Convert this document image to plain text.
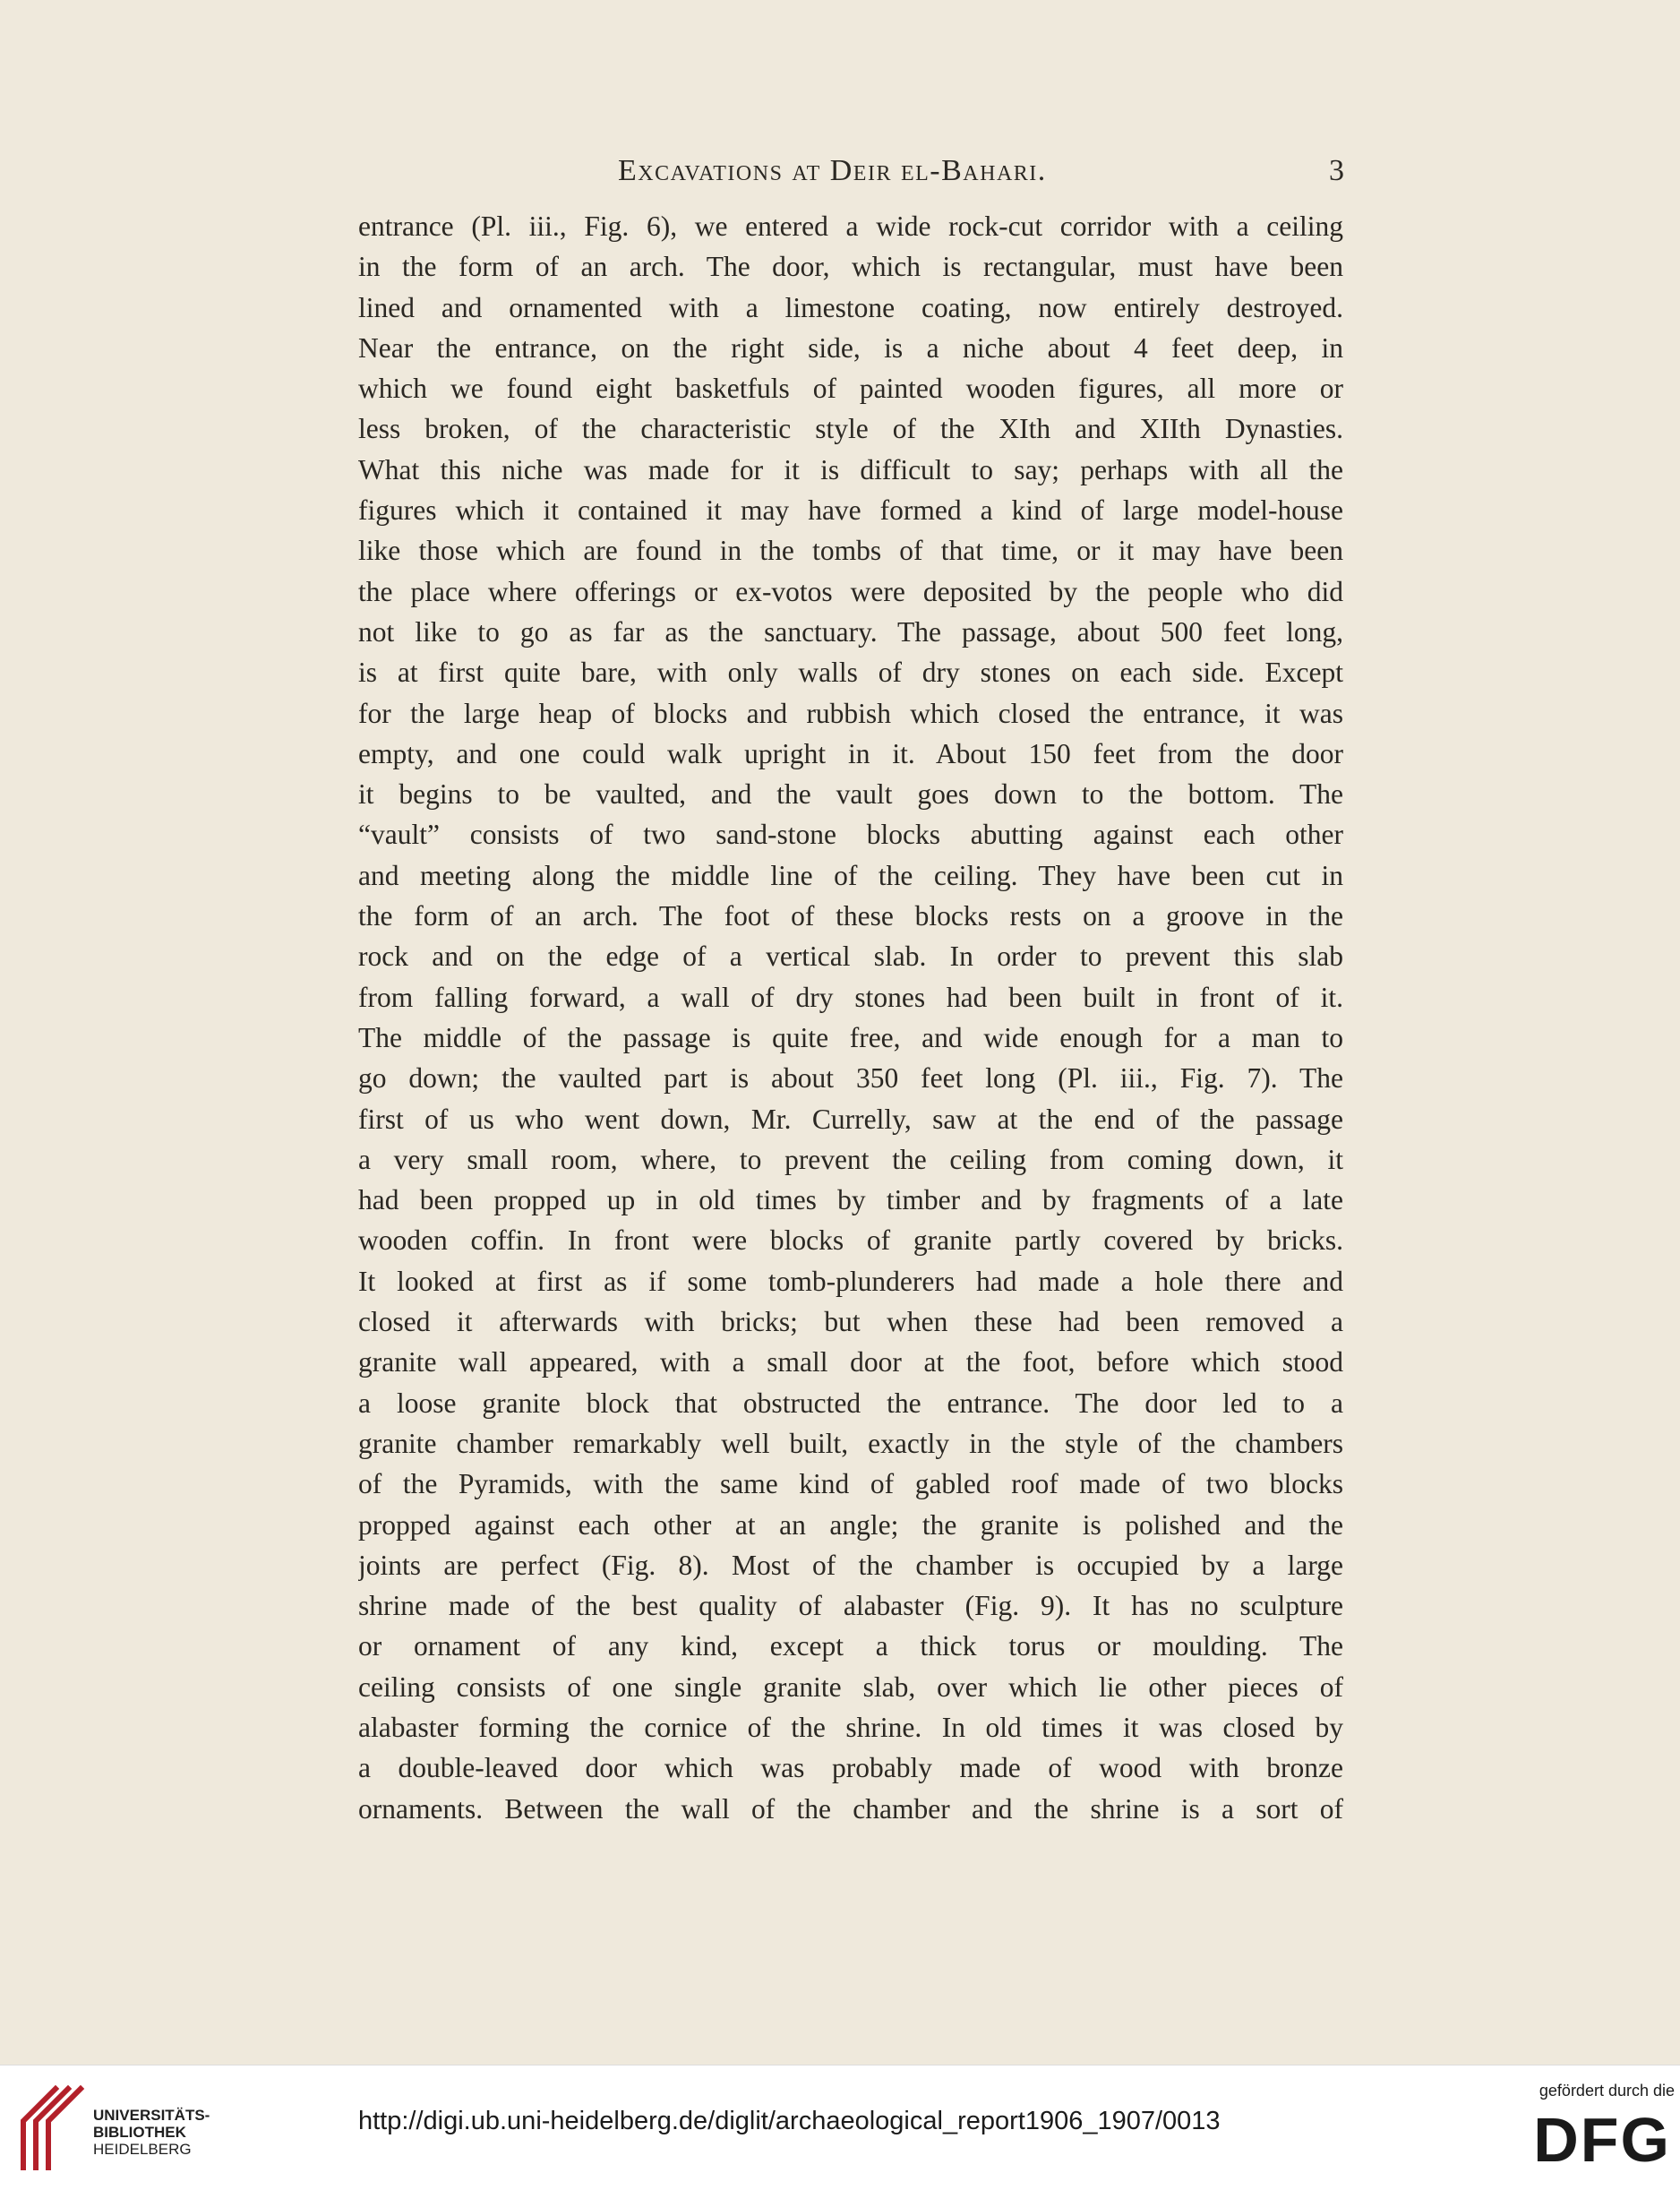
Excavations at Deir el-Bahari.	3
entrance (Pl. iii., Fig. 6), we entered a wide rock-cut corridor with a ceiling
in the form of an arch. The door, which is rectangular, must have been
lined and ornamented with a limestone coating, now entirely destroyed.
Near the entrance, on the right side, is a niche about 4 feet deep, in
which we found eight basketfuls of painted wooden figures, all more or
less broken, of the characteristic style of the XIth and XIIth Dynasties.
What this niche was made for it is difficult to say; perhaps with all the
figures which it contained it may have formed a kind of large model-house
like those which are found in the tombs of that time, or it may have been
the place where offerings or ex-votos were deposited by the people who did
not like to go as far as the sanctuary. The passage, about 500 feet long,
is at first quite bare, with only walls of dry stones on each side. Except
for the large heap of blocks and rubbish which closed the entrance, it was
empty, and one could walk upright in it. About 150 feet from the door
it begins to be vaulted, and the vault goes down to the bottom. The
“vault” consists of two sand-stone blocks abutting against each other
and meeting along the middle line of the ceiling. They have been cut in
the form of an arch. The foot of these blocks rests on a groove in the
rock and on the edge of a vertical slab. In order to prevent this slab
from falling forward, a wall of dry stones had been built in front of it.
The middle of the passage is quite free, and wide enough for a man to
go down; the vaulted part is about 350 feet long (Pl. iii., Fig. 7). The
first of us who went down, Mr. Currelly, saw at the end of the passage
a very small room, where, to prevent the ceiling from coming down, it
had been propped up in old times by timber and by fragments of a late
wooden coffin. In front were blocks of granite partly covered by bricks.
It looked at first as if some tomb-plunderers had made a hole there and
closed it afterwards with bricks; but when these had been removed a
granite wall appeared, with a small door at the foot, before which stood
a loose granite block that obstructed the entrance. The door led to a
granite chamber remarkably well built, exactly in the style of the chambers
of the Pyramids, with the same kind of gabled roof made of two blocks
propped against each other at an angle; the granite is polished and the
joints are perfect (Fig. 8). Most of the chamber is occupied by a large
shrine made of the best quality of alabaster (Fig. 9). It has no sculpture
or ornament of any kind, except a thick torus or moulding. The
ceiling consists of one single granite slab, over which lie other pieces of
alabaster forming the cornice of the shrine. In old times it was closed by
a double-leaved door which was probably made of wood with bronze
ornaments. Between the wall of the chamber and the shrine is a sort of
UNIVERSITÄTS-
BIBLIOTHEK
HEIDELBERG
http://digi.ub.uni-heidelberg.de/diglit/archaeological_report1906_1907/0013
gefördert durch die
DFG
